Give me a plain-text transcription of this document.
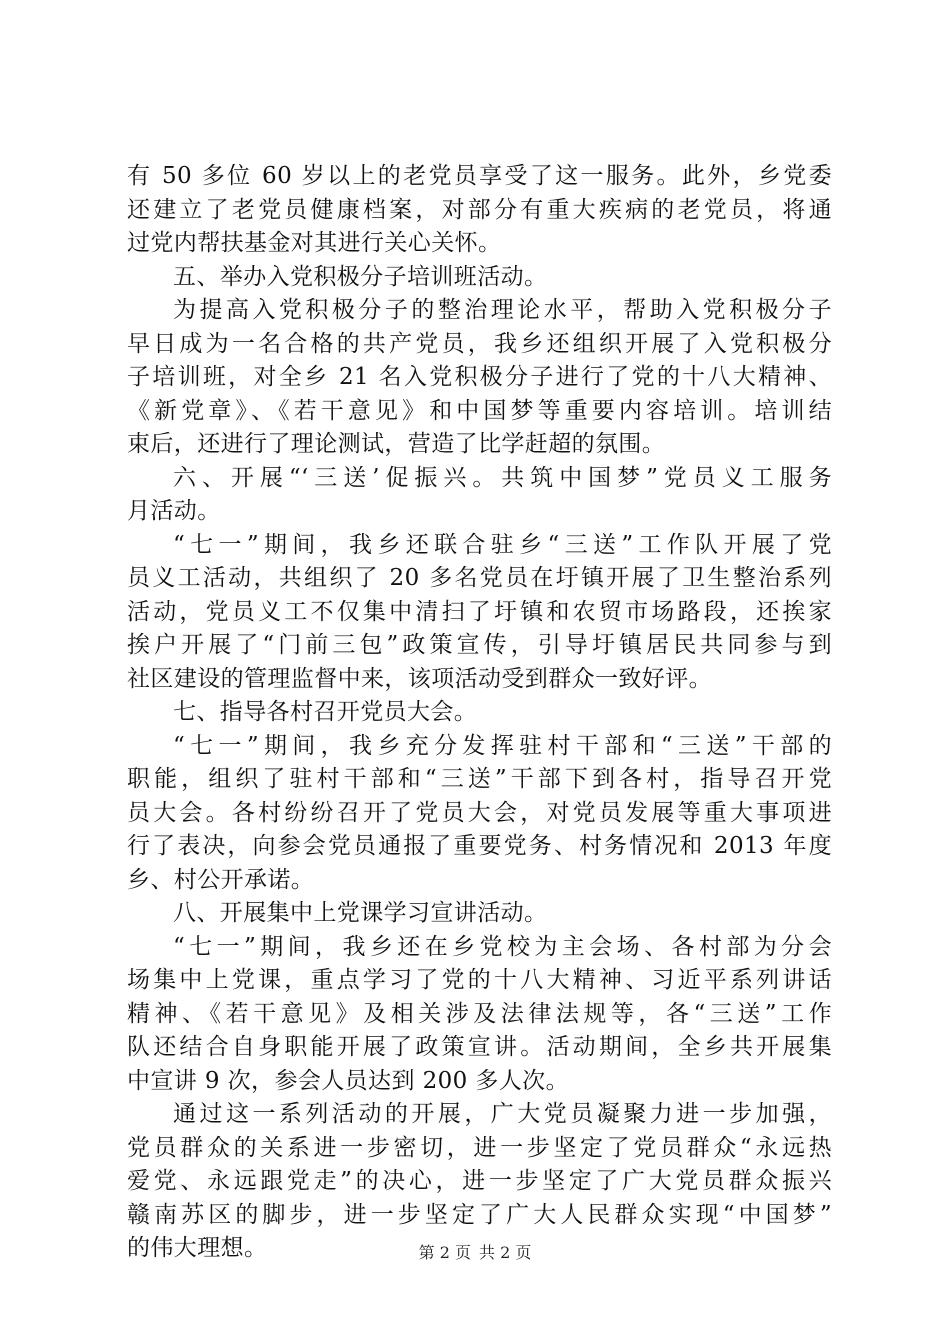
有 50 多位 60 岁以上的老党员享受了这一服务。此外，乡党委
还建立了老党员健康档案，对部分有重大疾病的老党员，将通
过党内帮扶基金对其进行关心关怀。
五、举办入党积极分子培训班活动。
为提高入党积极分子的整治理论水平，帮助入党积极分子
早日成为一名合格的共产党员，我乡还组织开展了入党积极分
子培训班，对全乡 21 名入党积极分子进行了党的十八大精神、
《新党章》、《若干意见》和中国梦等重要内容培训。培训结
束后，还进行了理论测试，营造了比学赶超的氛围。
六、开展“‘三送’促振兴。共筑中国梦”党员义工服务
月活动。
“七一”期间，我乡还联合驻乡“三送”工作队开展了党
员义工活动，共组织了 20 多名党员在圩镇开展了卫生整治系列
活动，党员义工不仅集中清扫了圩镇和农贸市场路段，还挨家
挨户开展了“门前三包”政策宣传，引导圩镇居民共同参与到
社区建设的管理监督中来，该项活动受到群众一致好评。
七、指导各村召开党员大会。
“七一”期间，我乡充分发挥驻村干部和“三送”干部的
职能，组织了驻村干部和“三送”干部下到各村，指导召开党
员大会。各村纷纷召开了党员大会，对党员发展等重大事项进
行了表决，向参会党员通报了重要党务、村务情况和 2013 年度
乡、村公开承诺。
八、开展集中上党课学习宣讲活动。
“七一”期间，我乡还在乡党校为主会场、各村部为分会
场集中上党课，重点学习了党的十八大精神、习近平系列讲话
精神、《若干意见》及相关涉及法律法规等，各“三送”工作
队还结合自身职能开展了政策宣讲。活动期间，全乡共开展集
中宣讲 9 次，参会人员达到 200 多人次。
通过这一系列活动的开展，广大党员凝聚力进一步加强，
党员群众的关系进一步密切，进一步坚定了党员群众“永远热
爱党、永远跟党走”的决心，进一步坚定了广大党员群众振兴
赣南苏区的脚步，进一步坚定了广大人民群众实现“中国梦”
的伟大理想。	第 2 页 共 2 页
